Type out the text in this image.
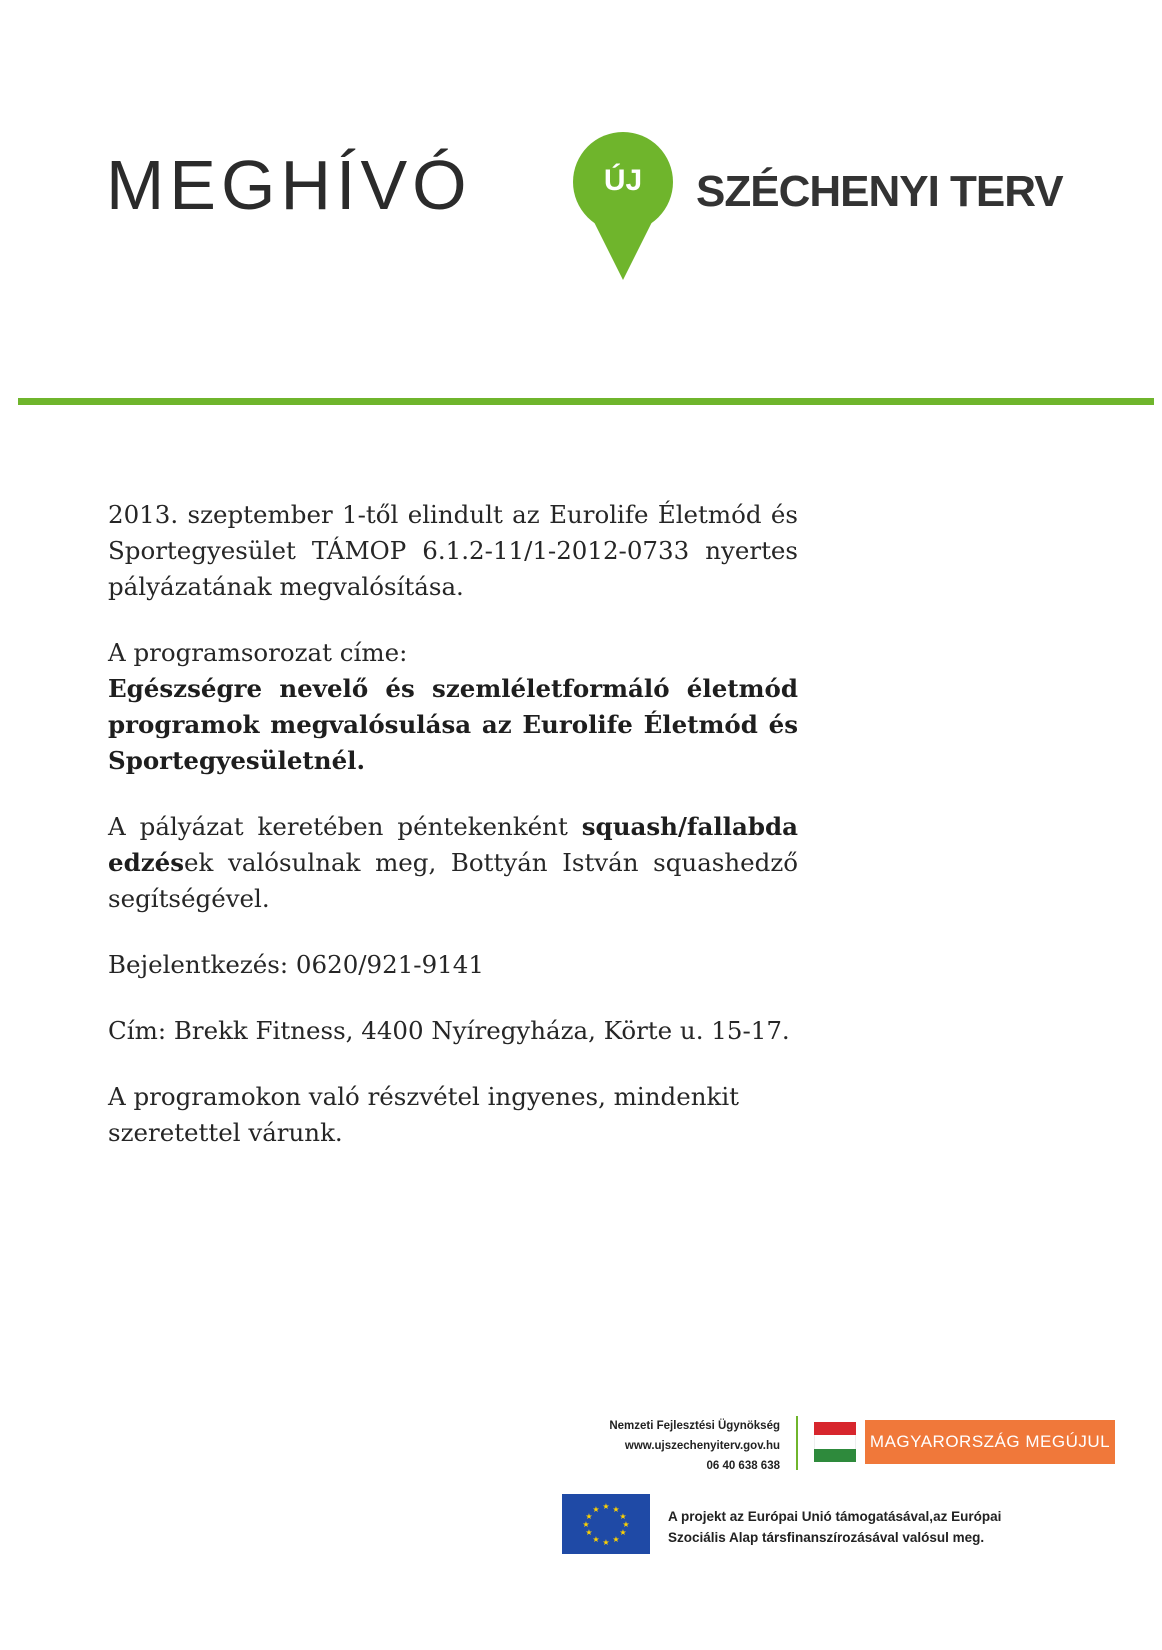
MEGHÍVÓ	ÚJ	SZÉCHENYI TERV

2013. szeptember 1-től elindult az Eurolife Életmód és Sportegyesület TÁMOP 6.1.2-11/1-2012-0733 nyertes pályázatának megvalósítása.

A programsorozat címe:

Egészségre nevelő és szemléletformáló életmód programok megvalósulása az Eurolife Életmód és Sportegyesületnél.

A pályázat keretében péntekenként squash/fallabda edzések valósulnak meg, Bottyán István squashedző segítségével.

Bejelentkezés: 0620/921-9141

Cím: Brekk Fitness, 4400 Nyíregyháza, Körte u. 15-17.

A programokon való részvétel ingyenes, mindenkit szeretettel várunk.

Nemzeti Fejlesztési Ügynökség
www.ujszechenyiterv.gov.hu
06 40 638 638
MAGYARORSZÁG MEGÚJUL
★ ★
★
★
★
★
★
★
★
★
★
★	A projekt az Európai Unió támogatásával,az Európai
Szociális Alap társfinanszírozásával valósul meg.
